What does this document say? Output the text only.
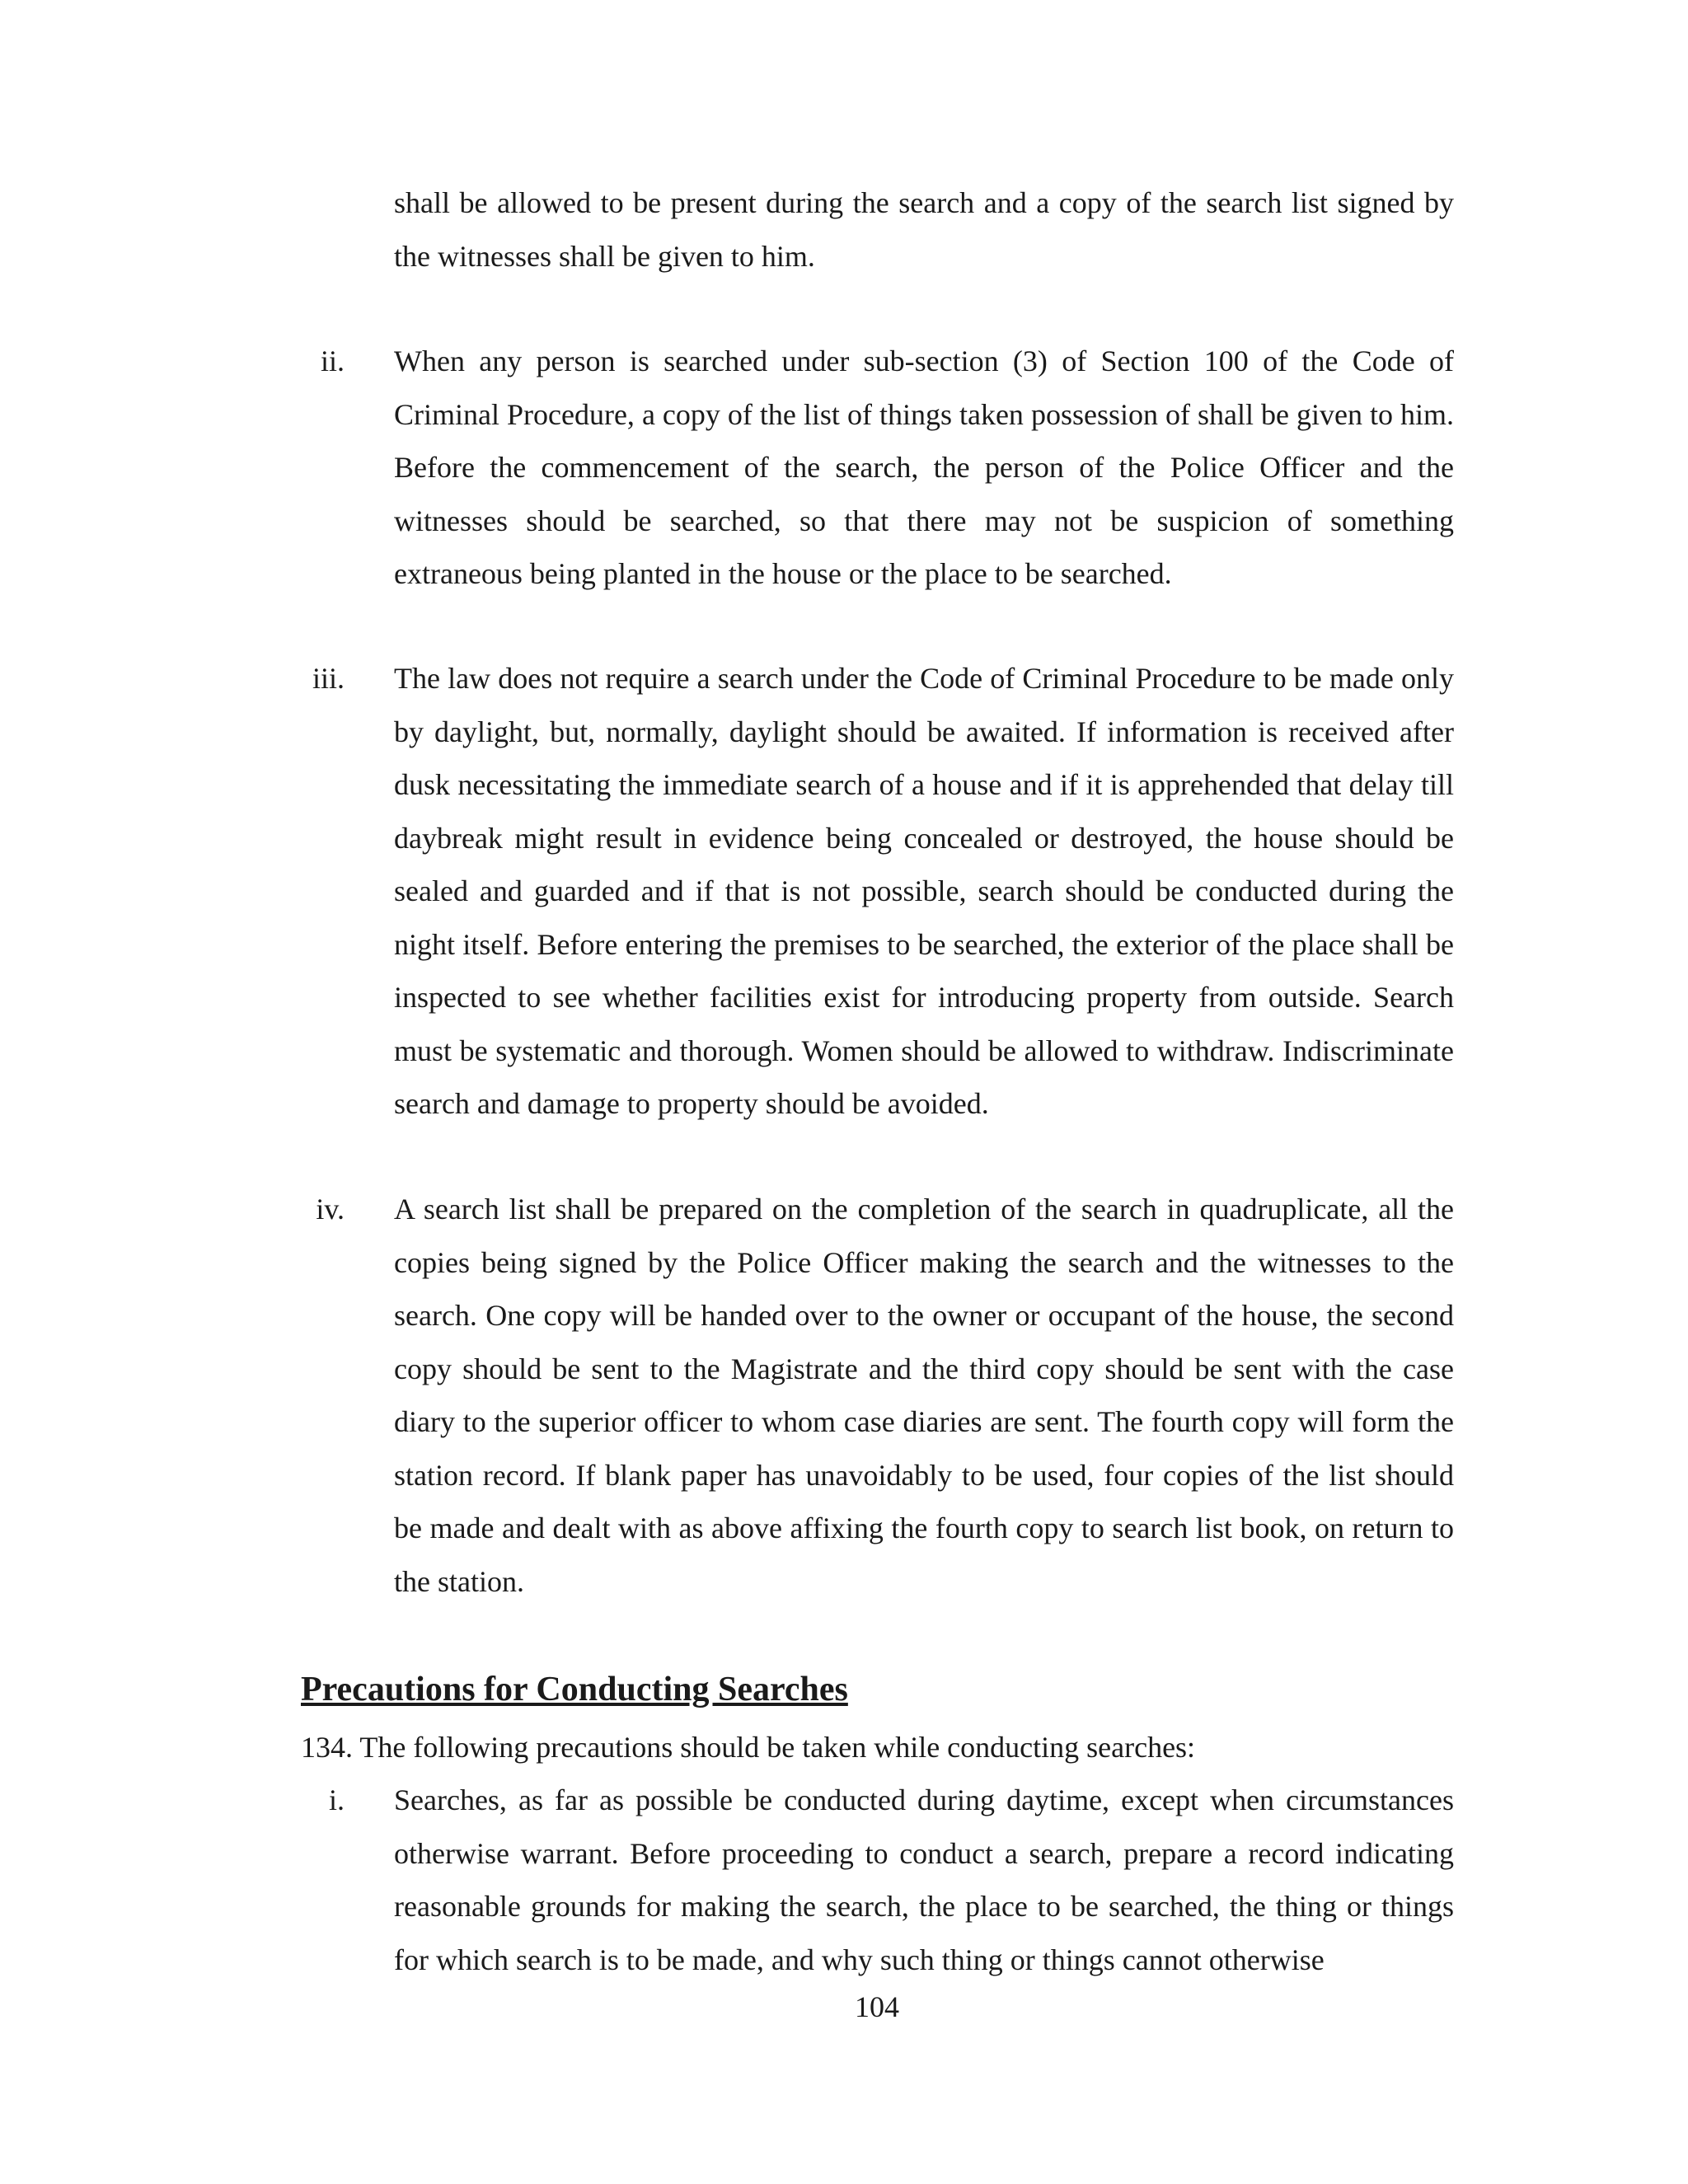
shall be allowed to be present during the search and a copy of the search list signed by the witnesses shall be given to him.

ii. When any person is searched under sub-section (3) of Section 100 of the Code of Criminal Procedure, a copy of the list of things taken possession of shall be given to him. Before the commencement of the search, the person of the Police Officer and the witnesses should be searched, so that there may not be suspicion of something extraneous being planted in the house or the place to be searched.

iii. The law does not require a search under the Code of Criminal Procedure to be made only by daylight, but, normally, daylight should be awaited. If information is received after dusk necessitating the immediate search of a house and if it is apprehended that delay till daybreak might result in evidence being concealed or destroyed, the house should be sealed and guarded and if that is not possible, search should be conducted during the night itself. Before entering the premises to be searched, the exterior of the place shall be inspected to see whether facilities exist for introducing property from outside. Search must be systematic and thorough. Women should be allowed to withdraw. Indiscriminate search and damage to property should be avoided.

iv. A search list shall be prepared on the completion of the search in quadruplicate, all the copies being signed by the Police Officer making the search and the witnesses to the search. One copy will be handed over to the owner or occupant of the house, the second copy should be sent to the Magistrate and the third copy should be sent with the case diary to the superior officer to whom case diaries are sent. The fourth copy will form the station record. If blank paper has unavoidably to be used, four copies of the list should be made and dealt with as above affixing the fourth copy to search list book, on return to the station.

Precautions for Conducting Searches

134. The following precautions should be taken while conducting searches:

i. Searches, as far as possible be conducted during daytime, except when circumstances otherwise warrant. Before proceeding to conduct a search, prepare a record indicating reasonable grounds for making the search, the place to be searched, the thing or things for which search is to be made, and why such thing or things cannot otherwise

104
